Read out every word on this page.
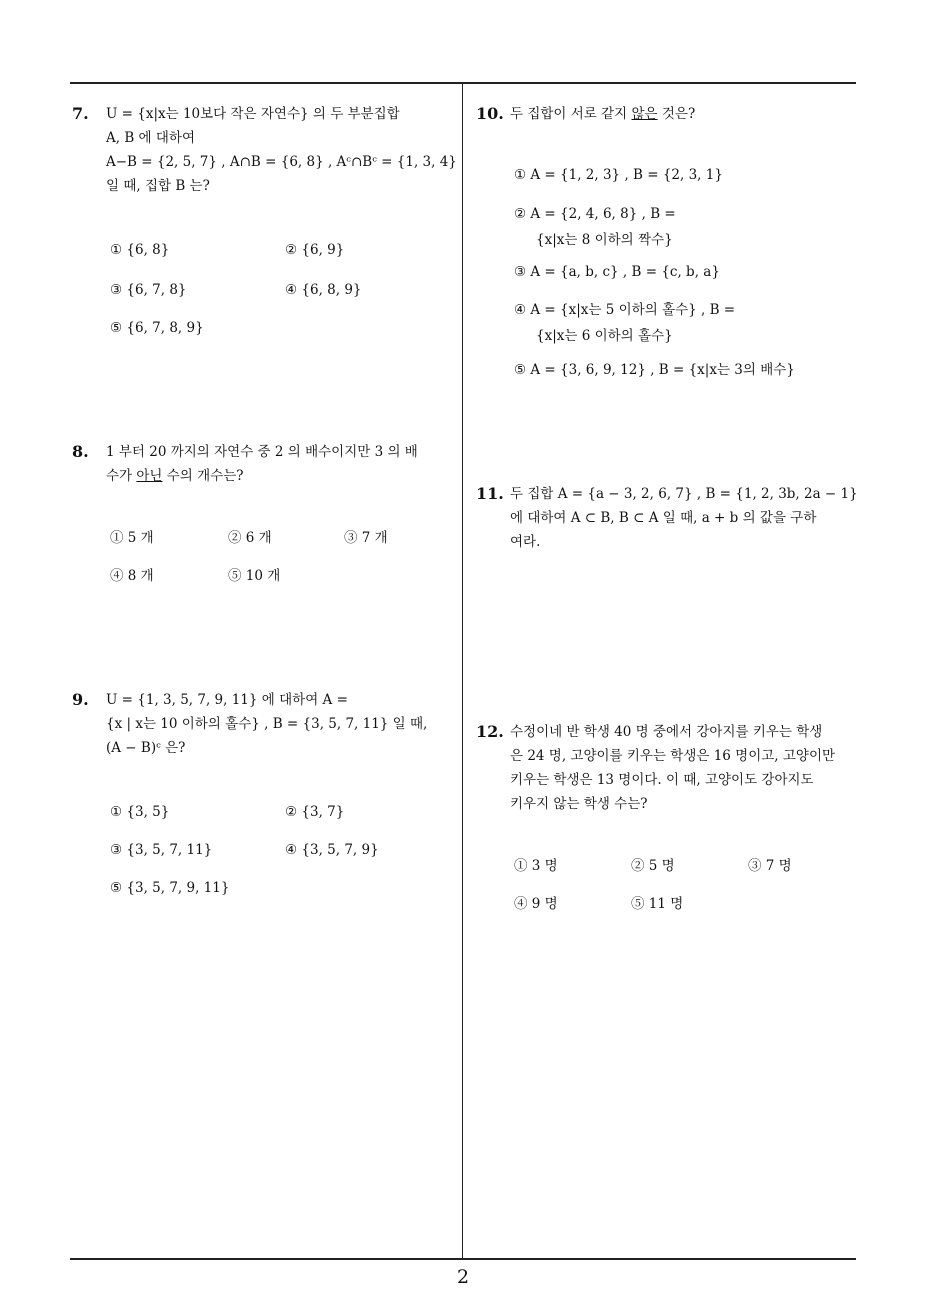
7. U = {x|x는 10보다 작은 자연수} 의 두 부분집합
A, B 에 대하여
A−B = {2, 5, 7} , A∩B = {6, 8} , Aᶜ∩Bᶜ = {1, 3, 4}
일 때, 집합 B 는?
① {6, 8}	② {6, 9}
③ {6, 7, 8}	④ {6, 8, 9}
⑤ {6, 7, 8, 9}
8. 1 부터 20 까지의 자연수 중 2 의 배수이지만 3 의 배
수가 아닌 수의 개수는?
① 5 개	② 6 개	③ 7 개
④ 8 개	⑤ 10 개
9. U = {1, 3, 5, 7, 9, 11} 에 대하여 A =
{x | x는 10 이하의 홀수} , B = {3, 5, 7, 11} 일 때,
(A − B)ᶜ 은?
① {3, 5}	② {3, 7}
③ {3, 5, 7, 11}	④ {3, 5, 7, 9}
⑤ {3, 5, 7, 9, 11}
10. 두 집합이 서로 같지 않은 것은?
① A = {1, 2, 3} , B = {2, 3, 1}
② A = {2, 4, 6, 8} , B =
{x|x는 8 이하의 짝수}
③ A = {a, b, c} , B = {c, b, a}
④ A = {x|x는 5 이하의 홀수} , B =
{x|x는 6 이하의 홀수}
⑤ A = {3, 6, 9, 12} , B = {x|x는 3의 배수}
11. 두 집합 A = {a − 3, 2, 6, 7} , B = {1, 2, 3b, 2a − 1}
에 대하여 A ⊂ B, B ⊂ A 일 때, a + b 의 값을 구하
여라.
12. 수정이네 반 학생 40 명 중에서 강아지를 키우는 학생
은 24 명, 고양이를 키우는 학생은 16 명이고, 고양이만
키우는 학생은 13 명이다. 이 때, 고양이도 강아지도
키우지 않는 학생 수는?
① 3 명	② 5 명	③ 7 명
④ 9 명	⑤ 11 명
2
